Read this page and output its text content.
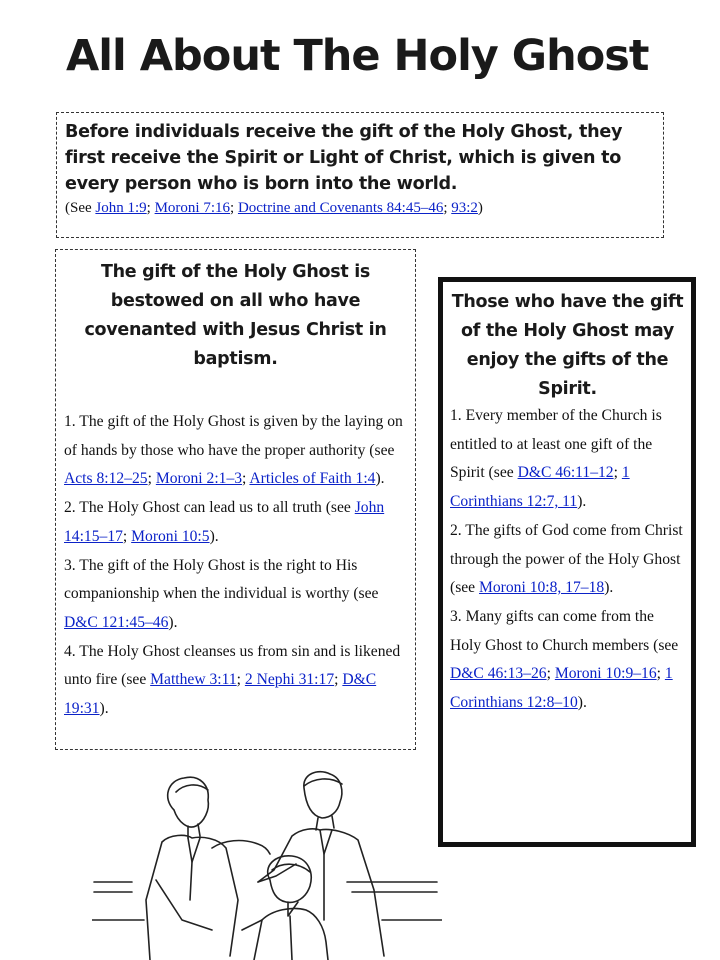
All About The Holy Ghost
Before individuals receive the gift of the Holy Ghost, they first receive the Spirit or Light of Christ, which is given to every person who is born into the world.
(See John 1:9; Moroni 7:16; Doctrine and Covenants 84:45–46; 93:2)
The gift of the Holy Ghost is bestowed on all who have covenanted with Jesus Christ in baptism.
1. The gift of the Holy Ghost is given by the laying on of hands by those who have the proper authority (see Acts 8:12–25; Moroni 2:1–3; Articles of Faith 1:4).
2. The Holy Ghost can lead us to all truth (see John 14:15–17; Moroni 10:5).
3. The gift of the Holy Ghost is the right to His companionship when the individual is worthy (see D&C 121:45–46).
4. The Holy Ghost cleanses us from sin and is likened unto fire (see Matthew 3:11; 2 Nephi 31:17; D&C 19:31).
Those who have the gift of the Holy Ghost may enjoy the gifts of the Spirit.
1. Every member of the Church is entitled to at least one gift of the Spirit (see D&C 46:11–12; 1 Corinthians 12:7, 11).
2. The gifts of God come from Christ through the power of the Holy Ghost (see Moroni 10:8, 17–18).
3. Many gifts can come from the Holy Ghost to Church members (see D&C 46:13–26; Moroni 10:9–16; 1 Corinthians 12:8–10).
